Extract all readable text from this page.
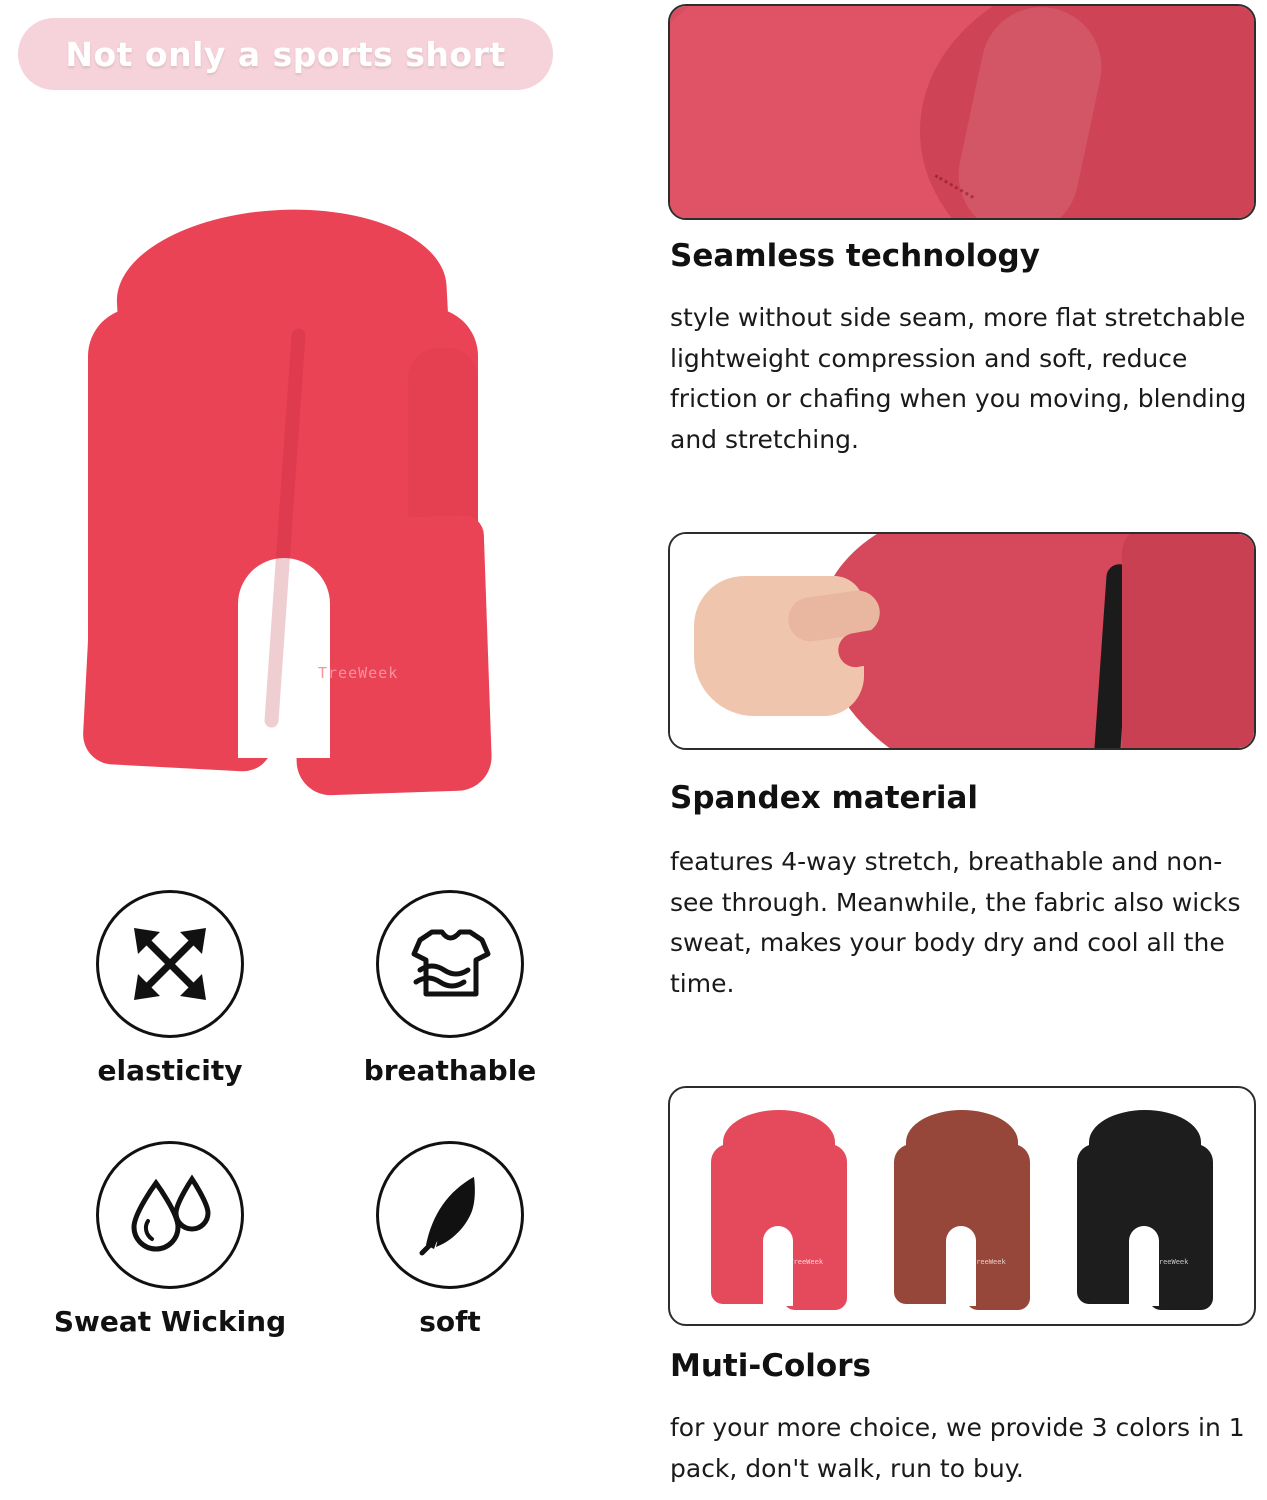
Not only a sports short
TreeWeek
elasticity	breathable
Sweat Wicking	soft
Seamless technology
style without side seam, more flat stretchable lightweight compression and soft, reduce friction or chafing when you moving, blending and stretching.
Spandex material
features 4-way stretch, breathable and non-see through. Meanwhile, the fabric also wicks sweat, makes your body dry and cool all the time.
TreeWeek	TreeWeek	TreeWeek
Muti-Colors
for your more choice, we provide 3 colors in 1 pack, don't walk, run to buy.
